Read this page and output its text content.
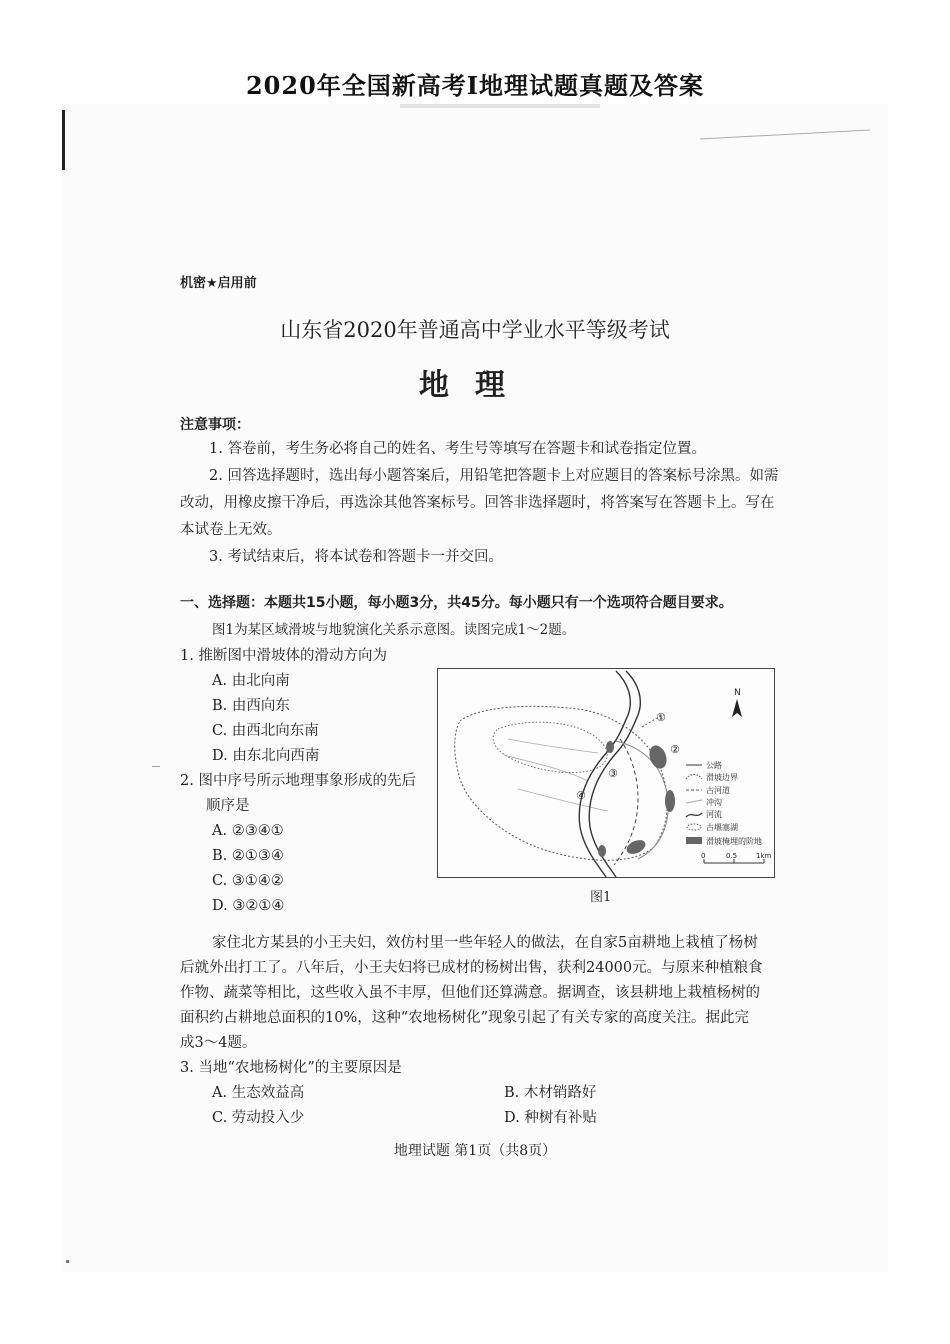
2020年全国新高考Ⅰ地理试题真题及答案
机密★启用前
山东省2020年普通高中学业水平等级考试
地理
注意事项：
1. 答卷前，考生务必将自己的姓名、考生号等填写在答题卡和试卷指定位置。
2. 回答选择题时，选出每小题答案后，用铅笔把答题卡上对应题目的答案标号涂黑。如需改动，用橡皮擦干净后，再选涂其他答案标号。回答非选择题时，将答案写在答题卡上。写在本试卷上无效。
3. 考试结束后，将本试卷和答题卡一并交回。
一、选择题：本题共15小题，每小题3分，共45分。每小题只有一个选项符合题目要求。
图1为某区域滑坡与地貌演化关系示意图。读图完成1～2题。
1. 推断图中滑坡体的滑动方向为
A. 由北向南
B. 由西向东
C. 由西北向东南
D. 由东北向西南
2. 图中序号所示地理事象形成的先后
顺序是
A. ②③④①
B. ②①③④
C. ③①④②
D. ③②①④
①
②
③
④
N
公路
滑坡边界
古河道
冲沟
河流
古堰塞湖
滑坡掩埋的阶地
0	0.5	1km
图1
家住北方某县的小王夫妇，效仿村里一些年轻人的做法，在自家5亩耕地上栽植了杨树
后就外出打工了。八年后，小王夫妇将已成材的杨树出售，获利24000元。与原来种植粮食
作物、蔬菜等相比，这些收入虽不丰厚，但他们还算满意。据调查，该县耕地上栽植杨树的
面积约占耕地总面积的10%，这种“农地杨树化”现象引起了有关专家的高度关注。据此完
成3～4题。
3. 当地“农地杨树化”的主要原因是
A. 生态效益高	B. 木材销路好
C. 劳动投入少	D. 种树有补贴
地理试题 第1页（共8页）
